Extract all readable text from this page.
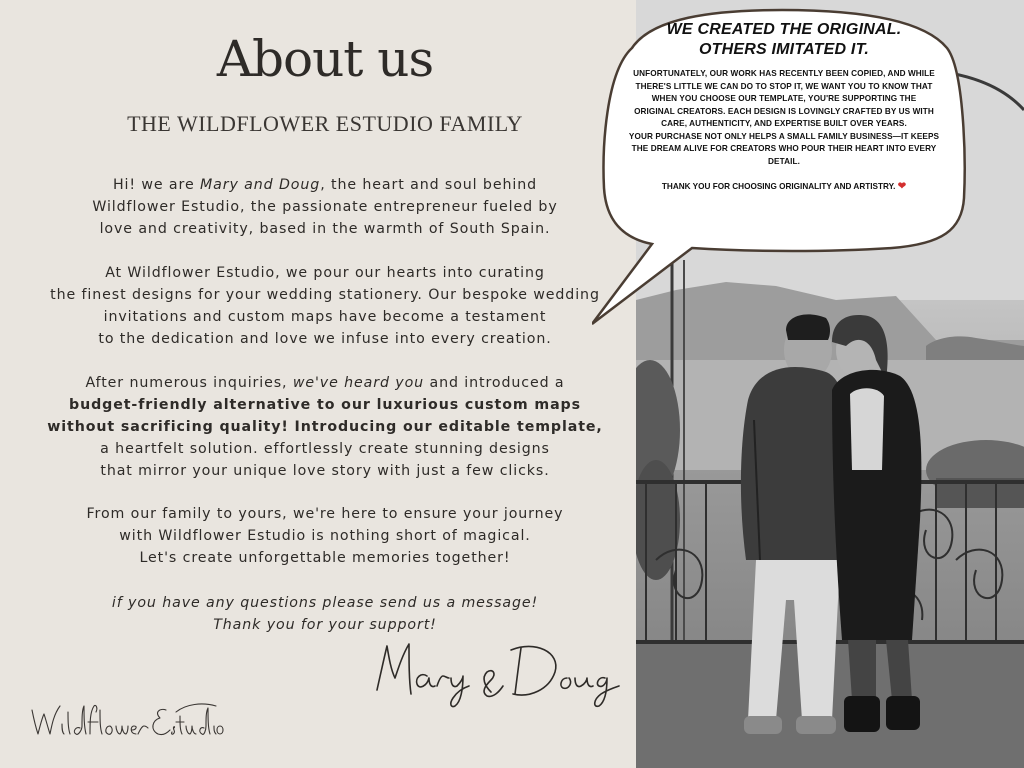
About us
THE WILDFLOWER ESTUDIO FAMILY
Hi! we are Mary and Doug, the heart and soul behind
Wildflower Estudio, the passionate entrepreneur fueled by
love and creativity, based in the warmth of South Spain.
At Wildflower Estudio, we pour our hearts into curating
the finest designs for your wedding stationery. Our bespoke wedding
invitations and custom maps have become a testament
to the dedication and love we infuse into every creation.
After numerous inquiries, we've heard you and introduced a
budget-friendly alternative to our luxurious custom maps
without sacrificing quality! Introducing our editable template,
a heartfelt solution. effortlessly create stunning designs
that mirror your unique love story with just a few clicks.
From our family to yours, we're here to ensure your journey
with Wildflower Estudio is nothing short of magical.
Let's create unforgettable memories together!
if you have any questions please send us a message!
Thank you for your support!
WE CREATED THE ORIGINAL.
OTHERS IMITATED IT.
UNFORTUNATELY, OUR WORK HAS RECENTLY BEEN COPIED, AND WHILE
THERE'S LITTLE WE CAN DO TO STOP IT, WE WANT YOU TO KNOW THAT
WHEN YOU CHOOSE OUR TEMPLATE, YOU'RE SUPPORTING THE
ORIGINAL CREATORS. EACH DESIGN IS LOVINGLY CRAFTED BY US WITH
CARE, AUTHENTICITY, AND EXPERTISE BUILT OVER YEARS.
YOUR PURCHASE NOT ONLY HELPS A SMALL FAMILY BUSINESS—IT KEEPS
THE DREAM ALIVE FOR CREATORS WHO POUR THEIR HEART INTO EVERY
DETAIL.
THANK YOU FOR CHOOSING ORIGINALITY AND ARTISTRY. ❤
